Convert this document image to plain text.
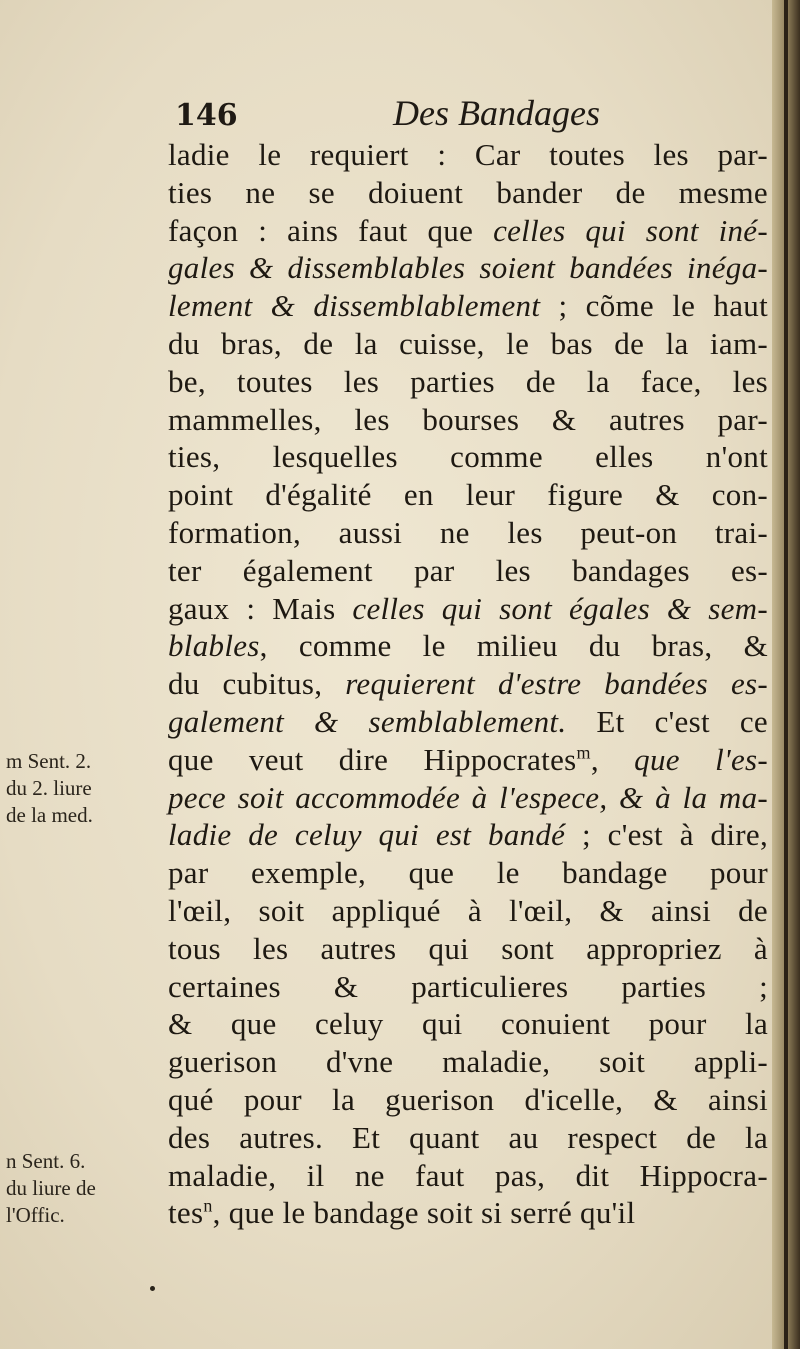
146	Des Bandages
ladie le requiert : Car toutes les par-
ties ne se doiuent bander de mesme
façon : ains faut que celles qui sont iné-
gales & dissemblables soient bandées inéga-
lement & dissemblablement ; cõme le haut
du bras, de la cuisse, le bas de la iam-
be, toutes les parties de la face, les
mammelles, les bourses & autres par-
ties, lesquelles comme elles n'ont
point d'égalité en leur figure & con-
formation, aussi ne les peut-on trai-
ter également par les bandages es-
gaux : Mais celles qui sont égales & sem-
blables, comme le milieu du bras, &
du cubitus, requierent d'estre bandées es-
galement & semblablement. Et c'est ce
que veut dire Hippocrates$^m$, que l'es-
pece soit accommodée à l'espece, & à la ma-
ladie de celuy qui est bandé ; c'est à dire,
par exemple, que le bandage pour
l'œil, soit appliqué à l'œil, & ainsi de
tous les autres qui sont appropriez à
certaines & particulieres parties ;
& que celuy qui conuient pour la
guerison d'vne maladie, soit appli-
qué pour la guerison d'icelle, & ainsi
des autres. Et quant au respect de la
maladie, il ne faut pas, dit Hippocra-
tes$^n$, que le bandage soit si serré qu'il
m Sent. 2.
du 2. liure
de la med.
n Sent. 6.
du liure de
l'Offic.
